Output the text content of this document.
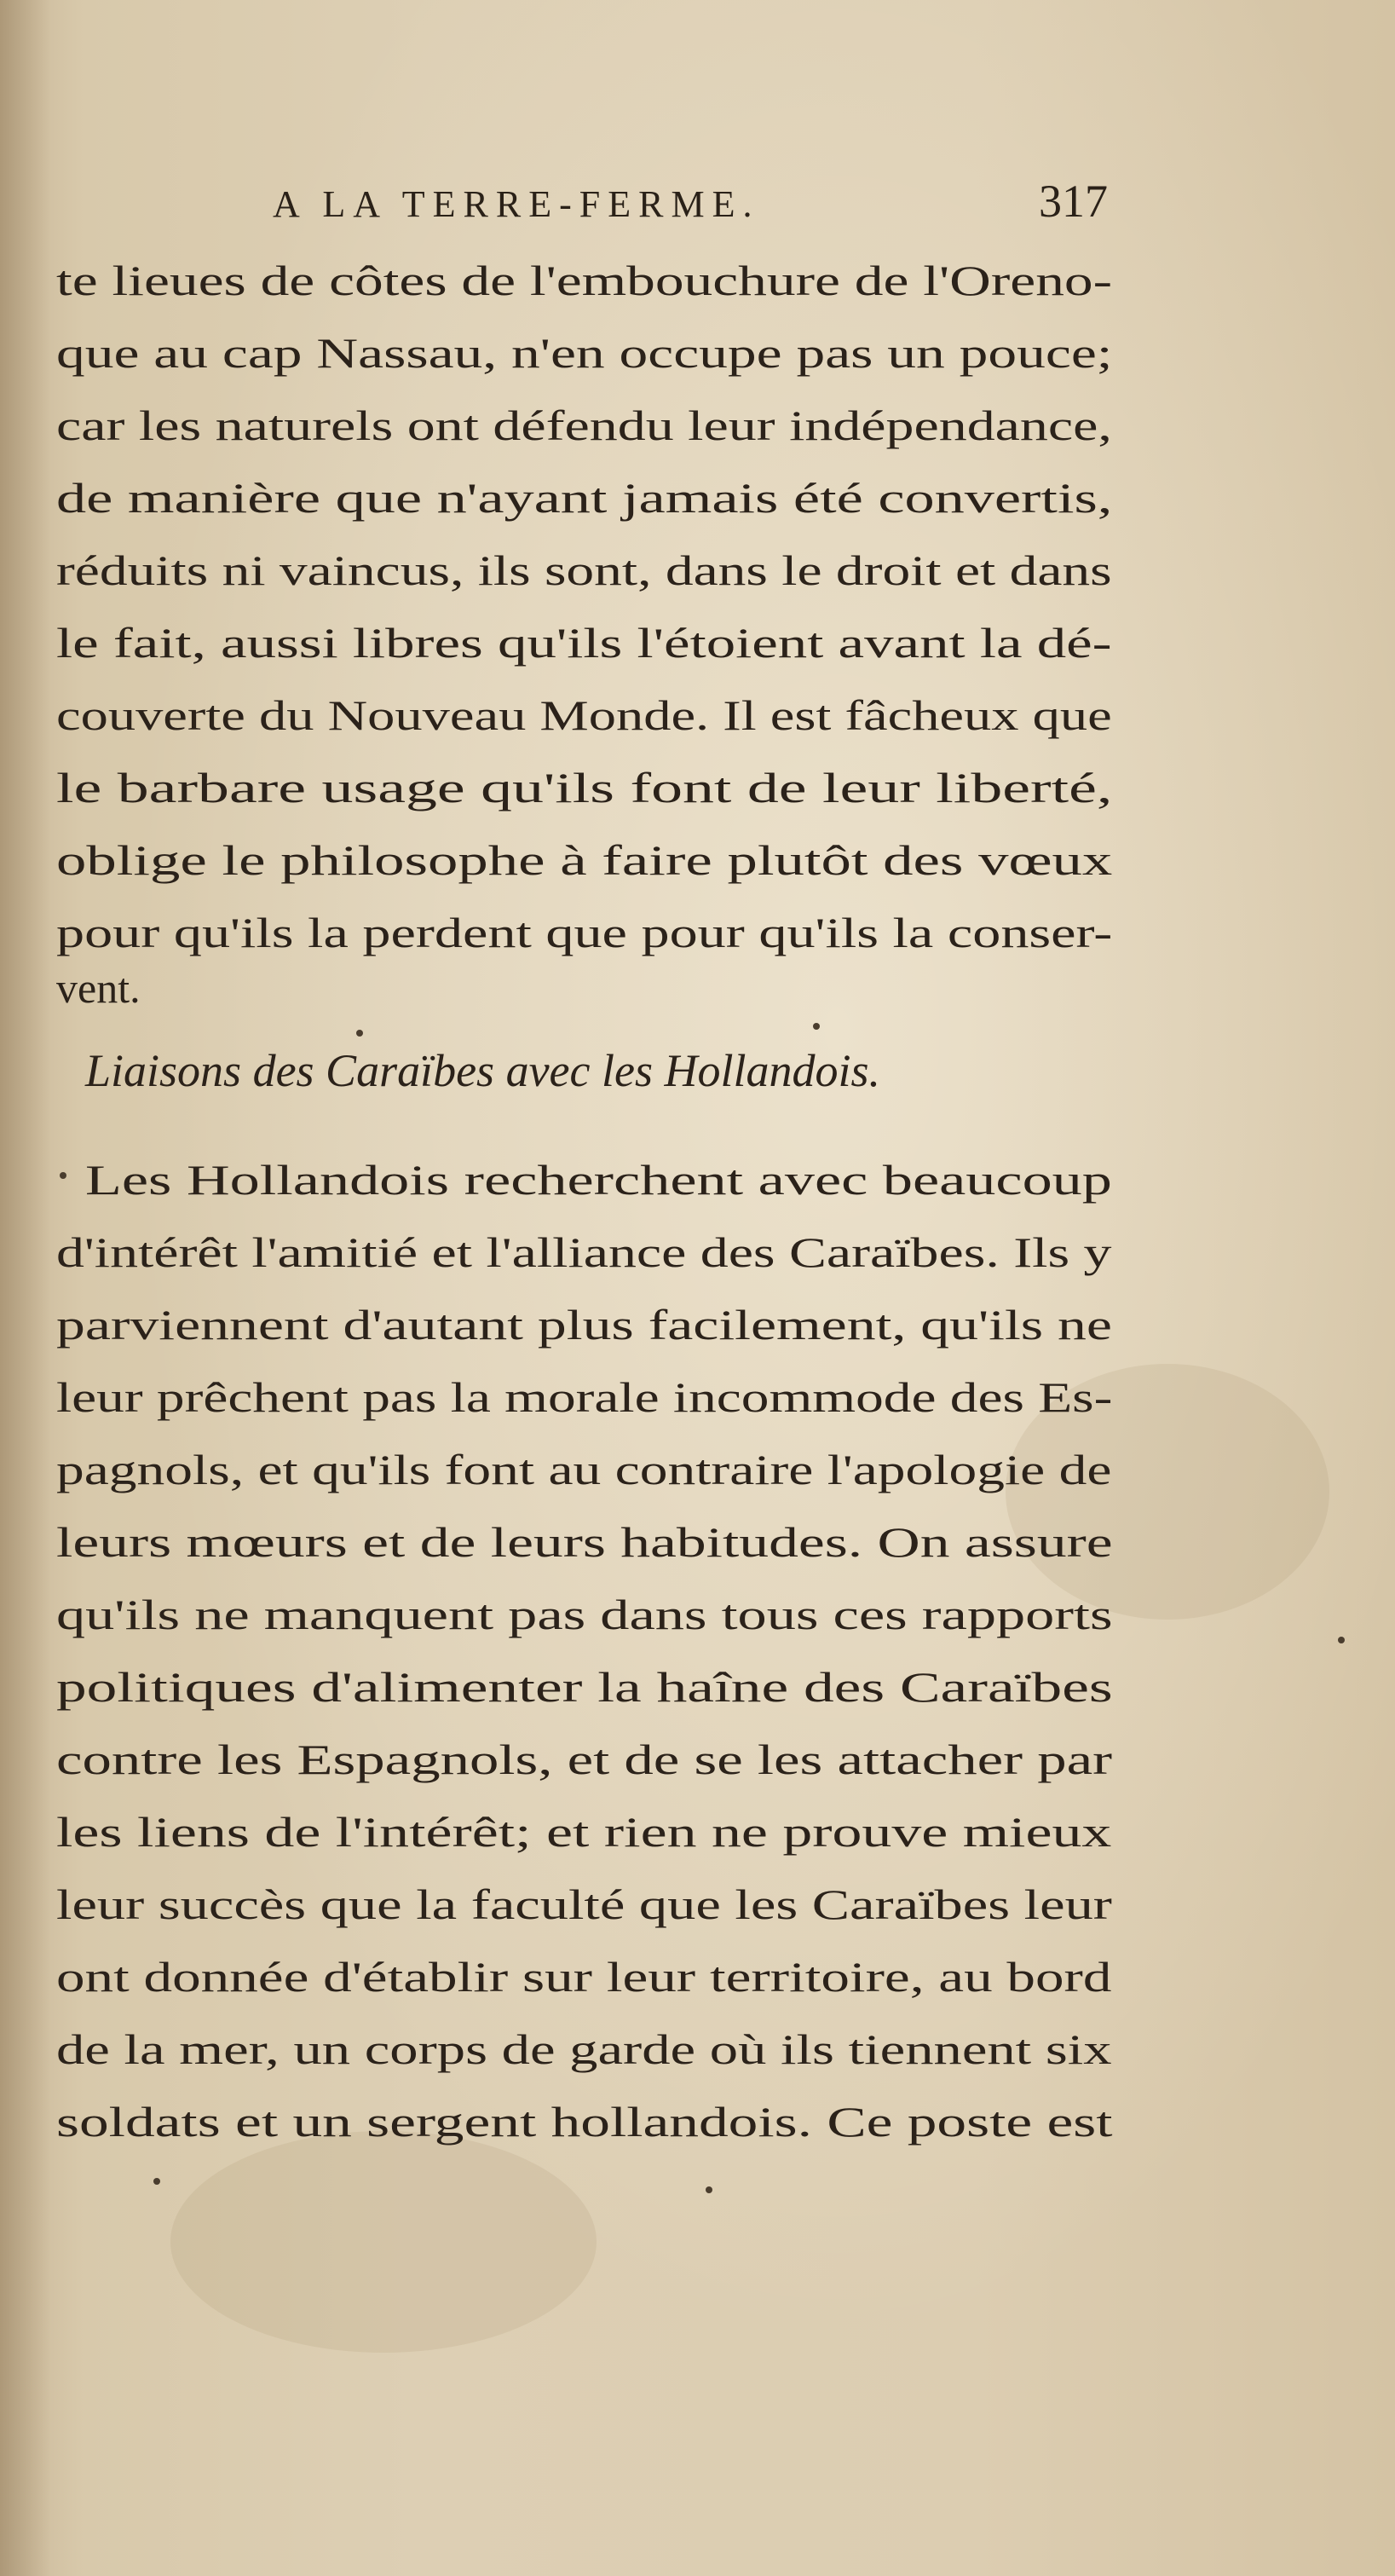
A LA TERRE-FERME.	317

te lieues de côtes de l'embouchure de l'Oreno-

que au cap Nassau, n'en occupe pas un pouce;

car les naturels ont défendu leur indépendance,

de manière que n'ayant jamais été convertis,

réduits ni vaincus, ils sont, dans le droit et dans

le fait, aussi libres qu'ils l'étoient avant la dé-

couverte du Nouveau Monde. Il est fâcheux que

le barbare usage qu'ils font de leur liberté,

oblige le philosophe à faire plutôt des vœux

pour qu'ils la perdent que pour qu'ils la conser-

vent.

Liaisons des Caraïbes avec les Hollandois.

Les Hollandois recherchent avec beaucoup

d'intérêt l'amitié et l'alliance des Caraïbes. Ils y

parviennent d'autant plus facilement, qu'ils ne

leur prêchent pas la morale incommode des Es-

pagnols, et qu'ils font au contraire l'apologie de

leurs mœurs et de leurs habitudes. On assure

qu'ils ne manquent pas dans tous ces rapports

politiques d'alimenter la haîne des Caraïbes

contre les Espagnols, et de se les attacher par

les liens de l'intérêt; et rien ne prouve mieux

leur succès que la faculté que les Caraïbes leur

ont donnée d'établir sur leur territoire, au bord

de la mer, un corps de garde où ils tiennent six

soldats et un sergent hollandois. Ce poste est
